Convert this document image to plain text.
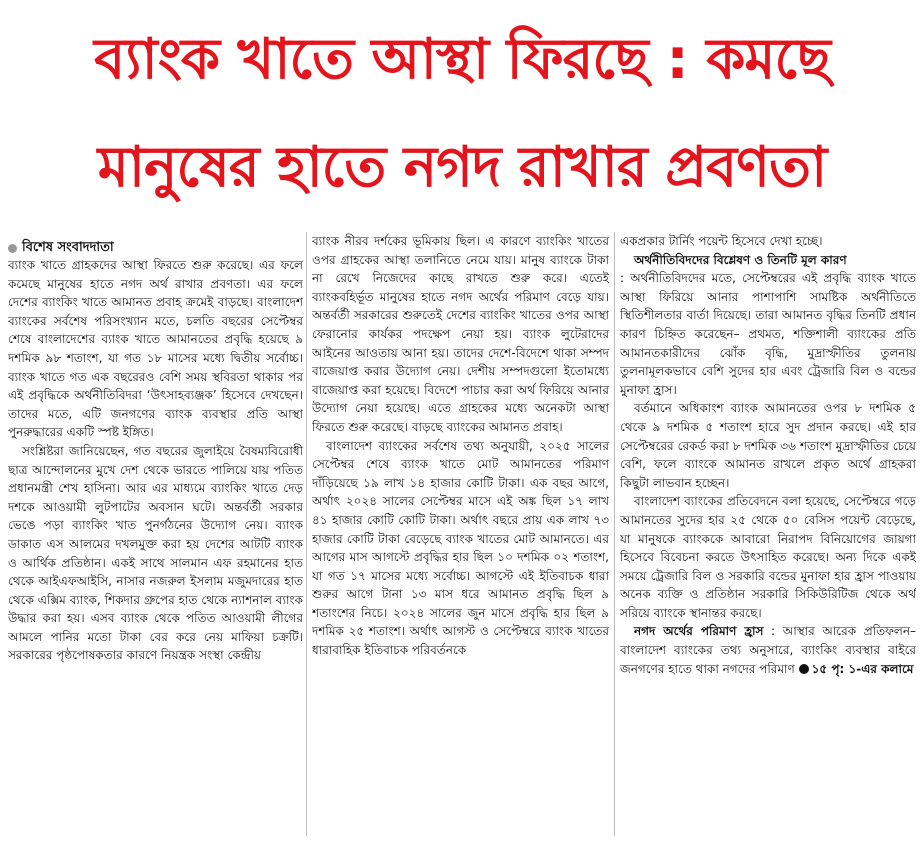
ব্যাংক খাতে আস্থা ফিরছে : কমছে
মানুষের হাতে নগদ রাখার প্রবণতা
বিশেষ সংবাদদাতা

ব্যাংক খাতে গ্রাহকদের আস্থা ফিরতে শুরু করেছে। এর ফলে কমেছে মানুষের হাতে নগদ অর্থ রাখার প্রবণতা। এর ফলে দেশের ব্যাংকিং খাতে আমানত প্রবাহ ক্রমেই বাড়ছে। বাংলাদেশ ব্যাংকের সর্বশেষ পরিসংখ্যান মতে, চলতি বছরের সেপ্টেম্বর শেষে বাংলাদেশের ব্যাংক খাতে আমানতের প্রবৃদ্ধি হয়েছে ৯ দশমিক ৯৮ শতাংশ, যা গত ১৮ মাসের মধ্যে দ্বিতীয় সর্বোচ্চ। ব্যাংক খাতে গত এক বছরেরও বেশি সময় স্থবিরতা থাকার পর এই প্রবৃদ্ধিকে অর্থনীতিবিদরা ‘উৎসাহব্যঞ্জক’ হিসেবে দেখছেন। তাদের মতে, এটি জনগণের ব্যাংক ব্যবস্থার প্রতি আস্থা পুনরুদ্ধারের একটি স্পষ্ট ইঙ্গিত।

সংশ্লিষ্টরা জানিয়েছেন, গত বছরের জুলাইয়ে বৈষম্যবিরোধী ছাত্র আন্দোলনের মুখে দেশ থেকে ভারতে পালিয়ে যায় পতিত প্রধানমন্ত্রী শেখ হাসিনা। আর এর মাধ্যমে ব্যাংকিং খাতে দেড় দশকে আওয়ামী লুটপাটের অবসান ঘটে। অন্তর্বর্তী সরকার ভেঙে পড়া ব্যাংকিং খাত পুনর্গঠনের উদ্যোগ নেয়। ব্যাংক ডাকাত এস আলমের দখলমুক্ত করা হয় দেশের আটটি ব্যাংক ও আর্থিক প্রতিষ্ঠান। একই সাথে সালমান এফ রহমানের হাত থেকে আইএফআইসি, নাসার নজরুল ইসলাম মজুমদারের হাত থেকে এক্সিম ব্যাংক, শিকদার গ্রুপের হাত থেকে ন্যাশনাল ব্যাংক উদ্ধার করা হয়। এসব ব্যাংক থেকে পতিত আওয়ামী লীগের আমলে পানির মতো টাকা বের করে নেয় মাফিয়া চক্রটি। সরকারের পৃষ্ঠপোষকতার কারণে নিয়ন্ত্রক সংস্থা কেন্দ্রীয়

ব্যাংক নীরব দর্শকের ভূমিকায় ছিল। এ কারণে ব্যাংকিং খাতের ওপর গ্রাহকের আস্থা তলানিতে নেমে যায়। মানুষ ব্যাংকে টাকা না রেখে নিজেদের কাছে রাখতে শুরু করে। এতেই ব্যাংকবহির্ভূত মানুষের হাতে নগদ অর্থের পরিমাণ বেড়ে যায়। অন্তর্বর্তী সরকারের শুরুতেই দেশের ব্যাংকিং খাতের ওপর আস্থা ফেরানোর কার্যকর পদক্ষেপ নেয়া হয়। ব্যাংক লুটেরাদের আইনের আওতায় আনা হয়। তাদের দেশে-বিদেশে থাকা সম্পদ বাজেয়াপ্ত করার উদ্যোগ নেয়। দেশীয় সম্পদগুলো ইতোমধ্যে বাজেয়াপ্ত করা হয়েছে। বিদেশে পাচার করা অর্থ ফিরিয়ে আনার উদ্যোগ নেয়া হয়েছে। এতে গ্রাহকের মধ্যে অনেকটা আস্থা ফিরতে শুরু করেছে। বাড়ছে ব্যাংকের আমানত প্রবাহ।

বাংলাদেশ ব্যাংকের সর্বশেষ তথ্য অনুযায়ী, ২০২৫ সালের সেপ্টেম্বর শেষে ব্যাংক খাতে মোট আমানতের পরিমাণ দাঁড়িয়েছে ১৯ লাখ ১৪ হাজার কোটি টাকা। এক বছর আগে, অর্থাৎ ২০২৪ সালের সেপ্টেম্বর মাসে এই অঙ্ক ছিল ১৭ লাখ ৪১ হাজার কোটি কোটি টাকা। অর্থাৎ বছরে প্রায় এক লাখ ৭৩ হাজার কোটি টাকা বেড়েছে ব্যাংক খাতের মোট আমানতে। এর আগের মাস আগস্টে প্রবৃদ্ধির হার ছিল ১০ দশমিক ০২ শতাংশ, যা গত ১৭ মাসের মধ্যে সর্বোচ্চ। আগস্টে এই ইতিবাচক ধারা শুরুর আগে টানা ১৩ মাস ধরে আমানত প্রবৃদ্ধি ছিল ৯ শতাংশের নিচে। ২০২৪ সালের জুন মাসে প্রবৃদ্ধি হার ছিল ৯ দশমিক ২৫ শতাংশ। অর্থাৎ আগস্ট ও সেপ্টেম্বরে ব্যাংক খাতের ধারাবাহিক ইতিবাচক পরিবর্তনকে

একপ্রকার টার্নিং পয়েন্ট হিসেবে দেখা হচ্ছে।

অর্থনীতিবিদদের বিশ্লেষণ ও তিনটি মূল কারণ

: অর্থনীতিবিদদের মতে, সেপ্টেম্বরের এই প্রবৃদ্ধি ব্যাংক খাতে আস্থা ফিরিয়ে আনার পাশাপাশি সামষ্টিক অর্থনীতিতে স্থিতিশীলতার বার্তা দিয়েছে। তারা আমানত বৃদ্ধির তিনটি প্রধান কারণ চিহ্নিত করেছেন– প্রথমত, শক্তিশালী ব্যাংকের প্রতি আমানতকারীদের ঝোঁক বৃদ্ধি, মুদ্রাস্ফীতির তুলনায় তুলনামূলকভাবে বেশি সুদের হার এবং ট্রেজারি বিল ও বন্ডের মুনাফা হ্রাস।

বর্তমানে অধিকাংশ ব্যাংক আমানতের ওপর ৮ দশমিক ৫ থেকে ৯ দশমিক ৫ শতাংশ হারে সুদ প্রদান করছে। এই হার সেপ্টেম্বরের রেকর্ড করা ৮ দশমিক ৩৬ শতাংশ মুদ্রাস্ফীতির চেয়ে বেশি, ফলে ব্যাংকে আমানত রাখলে প্রকৃত অর্থে গ্রাহকরা কিছুটা লাভবান হচ্ছেন।

বাংলাদেশ ব্যাংকের প্রতিবেদনে বলা হয়েছে, সেপ্টেম্বরে গড়ে আমানতের সুদের হার ২৫ থেকে ৫০ বেসিস পয়েন্ট বেড়েছে, যা মানুষকে ব্যাংককে আবারো নিরাপদ বিনিয়োগের জায়গা হিসেবে বিবেচনা করতে উৎসাহিত করেছে। অন্য দিকে একই সময়ে ট্রেজারি বিল ও সরকারি বন্ডের মুনাফা হার হ্রাস পাওয়ায় অনেক ব্যক্তি ও প্রতিষ্ঠান সরকারি সিকিউরিটিজ থেকে অর্থ সরিয়ে ব্যাংকে স্থানান্তর করছে।

নগদ অর্থের পরিমাণ হ্রাস : আস্থার আরেক প্রতিফলন– বাংলাদেশ ব্যাংকের তথ্য অনুসারে, ব্যাংকিং ব্যবস্থার বাইরে জনগণের হাতে থাকা নগদের পরিমাণ ১৫ পৃ: ১-এর কলামে
